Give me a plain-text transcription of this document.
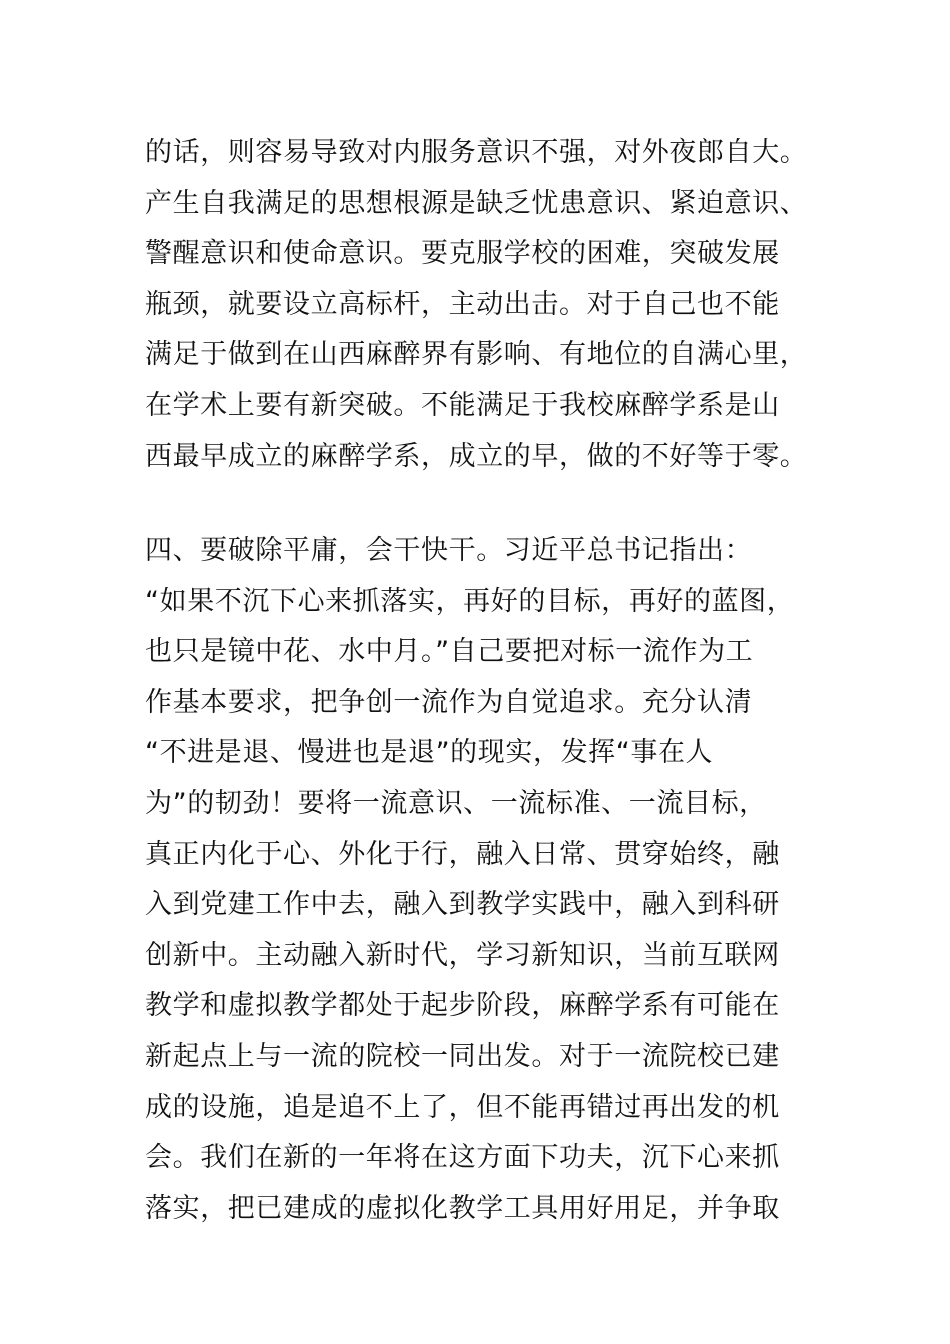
的话，则容易导致对内服务意识不强，对外夜郎自大。
产生自我满足的思想根源是缺乏忧患意识、紧迫意识、
警醒意识和使命意识。要克服学校的困难，突破发展
瓶颈，就要设立高标杆，主动出击。对于自己也不能
满足于做到在山西麻醉界有影响、有地位的自满心里，
在学术上要有新突破。不能满足于我校麻醉学系是山
西最早成立的麻醉学系，成立的早，做的不好等于零。

四、要破除平庸，会干快干。习近平总书记指出：
“如果不沉下心来抓落实，再好的目标，再好的蓝图，
也只是镜中花、水中月。”自己要把对标一流作为工
作基本要求，把争创一流作为自觉追求。充分认清
“不进是退、慢进也是退”的现实，发挥“事在人
为”的韧劲！要将一流意识、一流标准、一流目标，
真正内化于心、外化于行，融入日常、贯穿始终，融
入到党建工作中去，融入到教学实践中，融入到科研
创新中。主动融入新时代，学习新知识，当前互联网
教学和虚拟教学都处于起步阶段，麻醉学系有可能在
新起点上与一流的院校一同出发。对于一流院校已建
成的设施，追是追不上了，但不能再错过再出发的机
会。我们在新的一年将在这方面下功夫，沉下心来抓
落实，把已建成的虚拟化教学工具用好用足，并争取
